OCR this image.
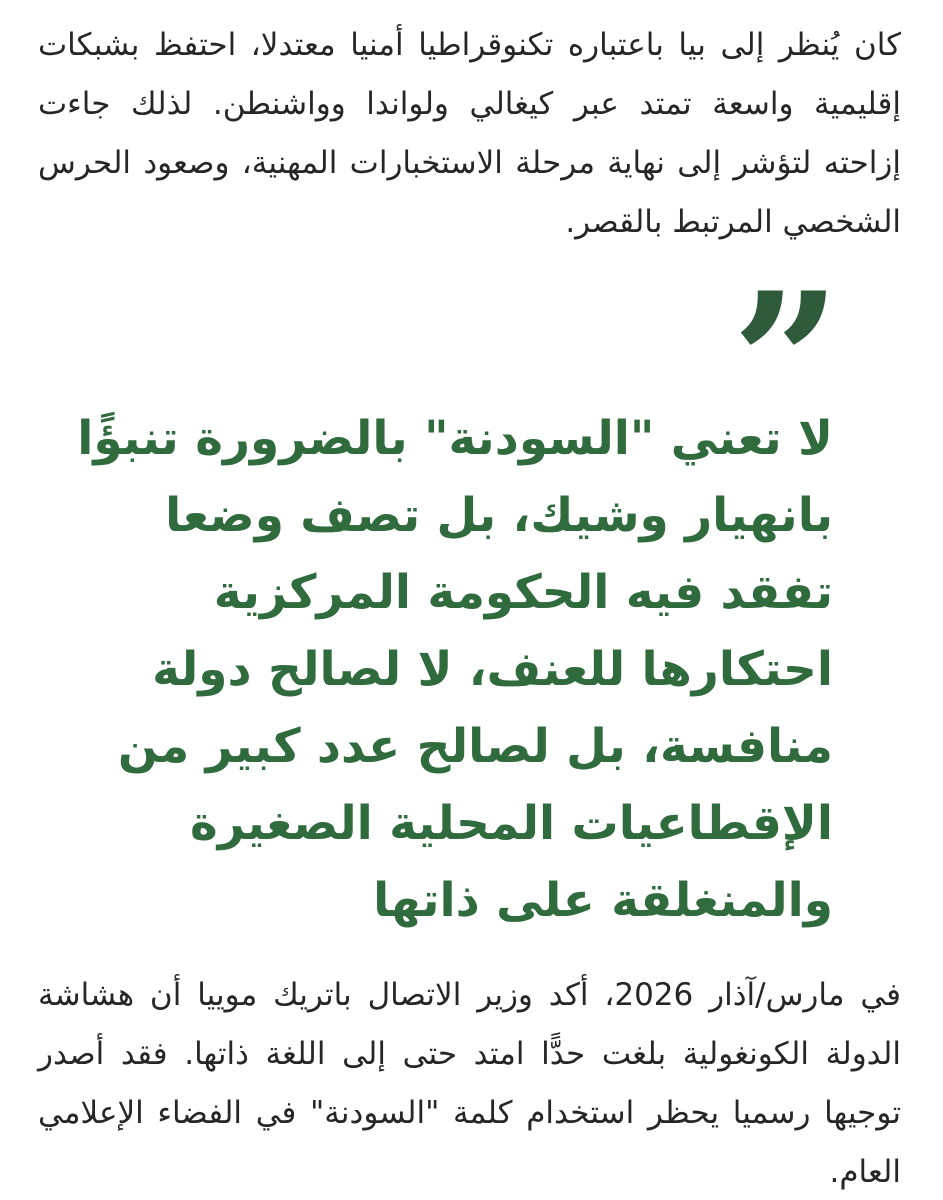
كان يُنظر إلى بيا باعتباره تكنوقراطيا أمنيا معتدلا، احتفظ بشبكات إقليمية واسعة تمتد عبر كيغالي ولواندا وواشنطن. لذلك جاءت إزاحته لتؤشر إلى نهاية مرحلة الاستخبارات المهنية، وصعود الحرس الشخصي المرتبط بالقصر.

”
لا تعني "السودنة" بالضرورة تنبؤًا
بانهيار وشيك، بل تصف وضعا
تفقد فيه الحكومة المركزية
احتكارها للعنف، لا لصالح دولة
منافسة، بل لصالح عدد كبير من
الإقطاعيات المحلية الصغيرة
والمنغلقة على ذاتها

في مارس/آذار 2026، أكد وزير الاتصال باتريك موييا أن هشاشة الدولة الكونغولية بلغت حدًّا امتد حتى إلى اللغة ذاتها. فقد أصدر توجيها رسميا يحظر استخدام كلمة "السودنة" في الفضاء الإعلامي العام.
